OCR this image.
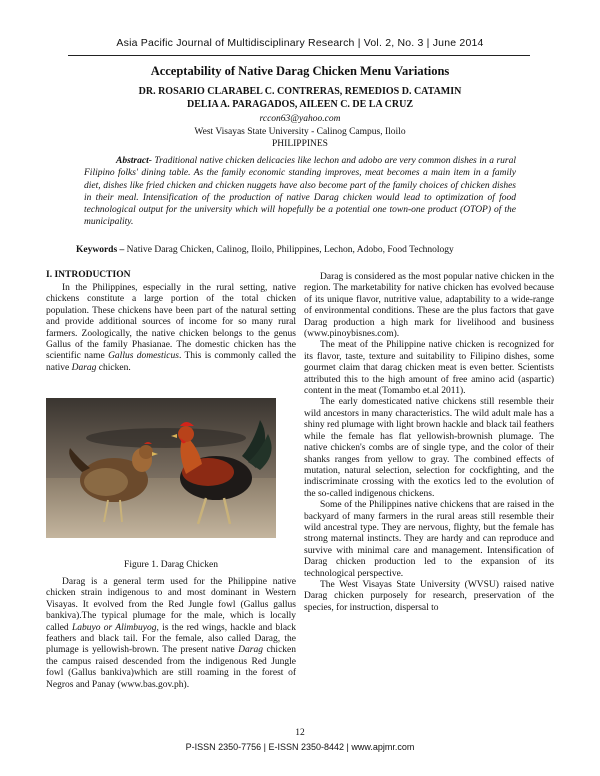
Asia Pacific Journal of Multidisciplinary Research | Vol. 2, No. 3 | June 2014
Acceptability of Native Darag Chicken Menu Variations
DR. ROSARIO CLARABEL C. CONTRERAS, REMEDIOS D. CATAMIN
DELIA A. PARAGADOS, AILEEN C. DE LA CRUZ
rccon63@yahoo.com
West Visayas State University - Calinog Campus, Iloilo
PHILIPPINES
Abstract- Traditional native chicken delicacies like lechon and adobo are very common dishes in a rural Filipino folks' dining table. As the family economic standing improves, meat becomes a main item in a family diet, dishes like fried chicken and chicken nuggets have also become part of the family choices of chicken dishes in their meal. Intensification of the production of native Darag chicken would lead to optimization of food technological output for the university which will hopefully be a potential one town-one product (OTOP) of the municipality.
Keywords – Native Darag Chicken, Calinog, Iloilo, Philippines, Lechon, Adobo, Food Technology
I. INTRODUCTION

In the Philippines, especially in the rural setting, native chickens constitute a large portion of the total chicken population. These chickens have been part of the natural setting and provide additional sources of income for so many rural farmers. Zoologically, the native chicken belongs to the genus Gallus of the family Phasianae. The domestic chicken has the scientific name Gallus domesticus. This is commonly called the native Darag chicken.

Figure 1. Darag Chicken

Darag is a general term used for the Philippine native chicken strain indigenous to and most dominant in Western Visayas. It evolved from the Red Jungle fowl (Gallus gallus bankiva).The typical plumage for the male, which is locally called Labuyo or Alimbuyog, is the red wings, hackle and black feathers and black tail. For the female, also called Darag, the plumage is yellowish-brown. The present native Darag chicken the campus raised descended from the indigenous Red Jungle fowl (Gallus bankiva)which are still roaming in the forest of Negros and Panay (www.bas.gov.ph).

Darag is considered as the most popular native chicken in the region. The marketability for native chicken has evolved because of its unique flavor, nutritive value, adaptability to a wide-range of environmental conditions. These are the plus factors that gave Darag production a high mark for livelihood and business (www.pinoybisnes.com).

The meat of the Philippine native chicken is recognized for its flavor, taste, texture and suitability to Filipino dishes, some gourmet claim that darag chicken meat is even better. Scientists attributed this to the high amount of free amino acid (aspartic) content in the meat (Tomambo et.al 2011).

The early domesticated native chickens still resemble their wild ancestors in many characteristics. The wild adult male has a shiny red plumage with light brown hackle and black tail feathers while the female has flat yellowish-brownish plumage. The native chicken's combs are of single type, and the color of their shanks ranges from yellow to gray. The combined effects of mutation, natural selection, selection for cockfighting, and the indiscriminate crossing with the exotics led to the evolution of the so-called indigenous chickens.

Some of the Philippines native chickens that are raised in the backyard of many farmers in the rural areas still resemble their wild ancestral type. They are nervous, flighty, but the female has strong maternal instincts. They are hardy and can reproduce and survive with minimal care and management. Intensification of Darag chicken production led to the expansion of its technological perspective.

The West Visayas State University (WVSU) raised native Darag chicken purposely for research, preservation of the species, for instruction, dispersal to

12
P-ISSN 2350-7756 | E-ISSN 2350-8442 | www.apjmr.com
